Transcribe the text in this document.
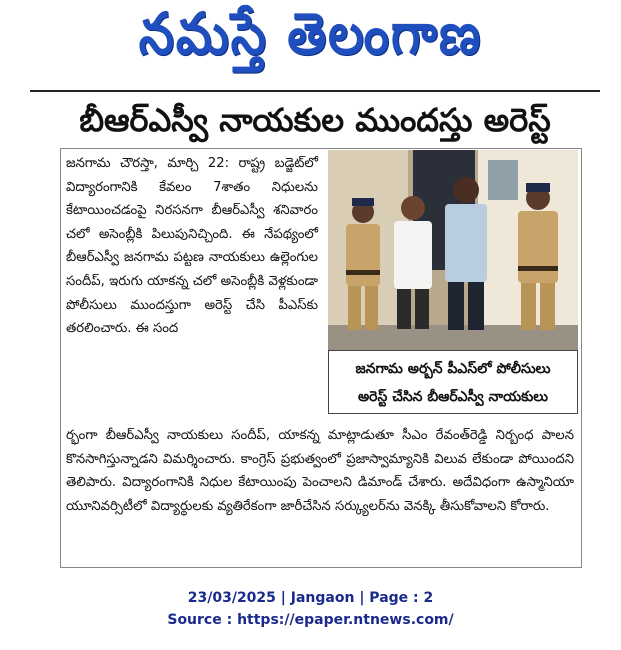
నమస్తే తెలంగాణ
బీఆర్‌ఎస్వీ నాయకుల ముందస్తు అరెస్ట్

జనగామ చౌరస్తా, మార్చి 22: రాష్ట్ర బడ్జెట్‌లో విద్యారంగానికి కేవలం 7శాతం నిధులను కేటాయించడంపై నిరసనగా బీఆర్‌ఎస్వీ శనివారం చలో అసెంబ్లీకి పిలుపునిచ్చింది. ఈ నేపథ్యంలో బీఆర్‌ఎస్వీ జనగామ పట్టణ నాయకులు ఉల్లెంగుల సందీప్, ఇరుగు యాకన్న చలో అసెంబ్లీకి వెళ్లకుండా పోలీసులు ముందస్తుగా అరెస్ట్ చేసి పీఎస్‌కు తరలించారు. ఈ సంద

జనగామ అర్బన్ పీఎస్‌లో పోలీసులు
అరెస్ట్ చేసిన బీఆర్‌ఎస్వీ నాయకులు

ర్భంగా బీఆర్‌ఎస్వీ నాయకులు సందీప్, యాకన్న మాట్లాడుతూ సీఎం రేవంత్‌రెడ్డి నిర్బంధ పాలన కొనసాగిస్తున్నాడని విమర్శించారు. కాంగ్రెస్ ప్రభుత్వంలో ప్రజాస్వామ్యానికి విలువ లేకుండా పోయిందని తెలిపారు. విద్యారంగానికి నిధుల కేటాయింపు పెంచాలని డిమాండ్ చేశారు. అదేవిధంగా ఉస్మానియా యూనివర్సిటీలో విద్యార్థులకు వ్యతిరేకంగా జారీచేసిన సర్క్యులర్‌ను వెనక్కి తీసుకోవాలని కోరారు.

23/03/2025 | Jangaon | Page : 2
Source : https://epaper.ntnews.com/
